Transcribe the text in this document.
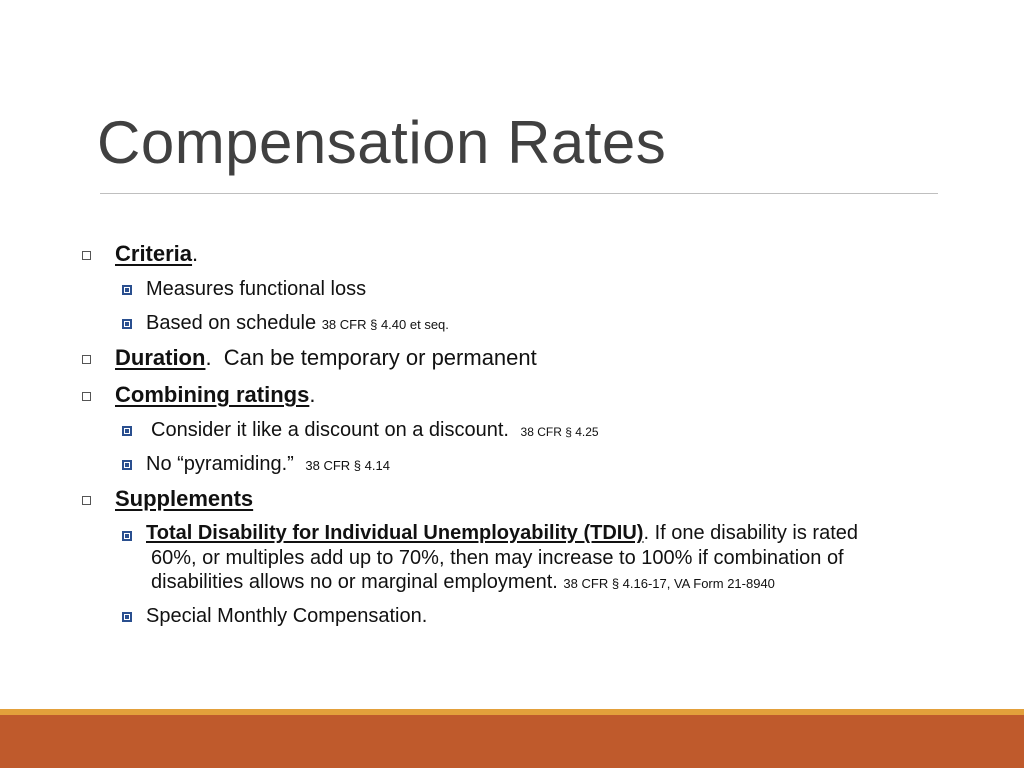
Compensation Rates
Criteria.
Measures functional loss
Based on schedule 38 CFR § 4.40 et seq.
Duration. Can be temporary or permanent
Combining ratings.
Consider it like a discount on a discount. 38 CFR § 4.25
No “pyramiding.” 38 CFR § 4.14
Supplements
Total Disability for Individual Unemployability (TDIU). If one disability is rated
60%, or multiples add up to 70%, then may increase to 100% if combination of
disabilities allows no or marginal employment. 38 CFR § 4.16-17, VA Form 21-8940
Special Monthly Compensation.
